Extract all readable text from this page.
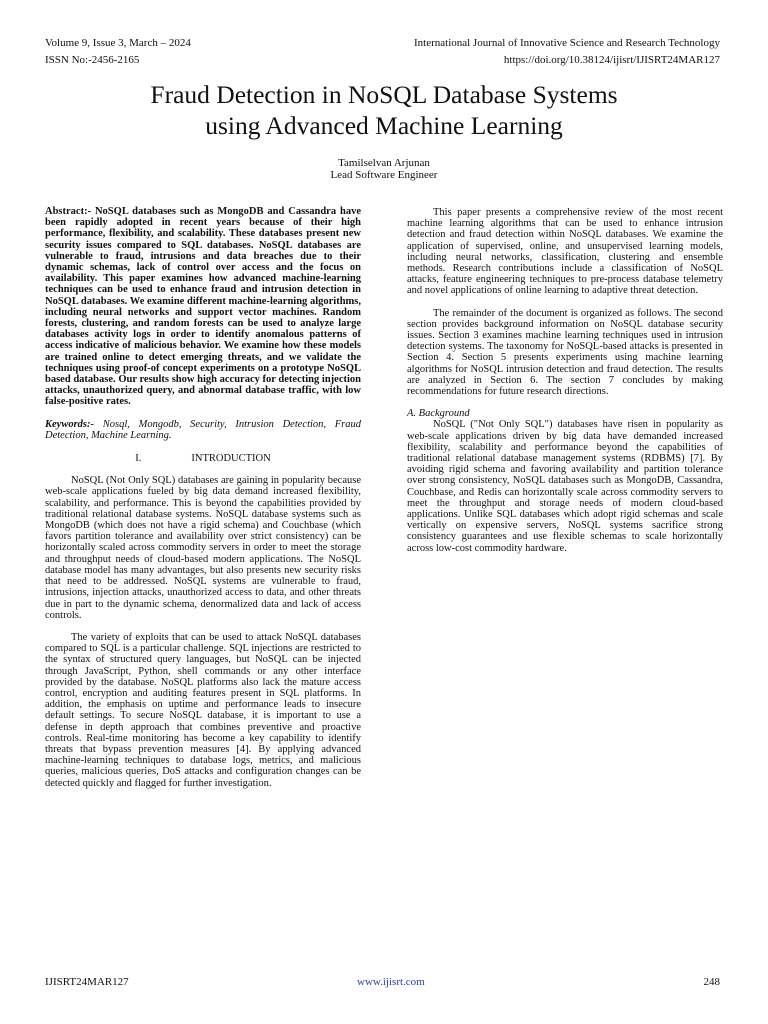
Volume 9, Issue 3, March – 2024	International Journal of Innovative Science and Research Technology
ISSN No:-2456-2165	https://doi.org/10.38124/ijisrt/IJISRT24MAR127
Fraud Detection in NoSQL Database Systems
using Advanced Machine Learning
Tamilselvan Arjunan
Lead Software Engineer

Abstract:- NoSQL databases such as MongoDB and Cassandra have been rapidly adopted in recent years because of their high performance, flexibility, and scalability. These databases present new security issues compared to SQL databases. NoSQL databases are vulnerable to fraud, intrusions and data breaches due to their dynamic schemas, lack of control over access and the focus on availability. This paper examines how advanced machine-learning techniques can be used to enhance fraud and intrusion detection in NoSQL databases. We examine different machine-learning algorithms, including neural networks and support vector machines. Random forests, clustering, and random forests can be used to analyze large databases activity logs in order to identify anomalous patterns of access indicative of malicious behavior. We examine how these models are trained online to detect emerging threats, and we validate the techniques using proof-of concept experiments on a prototype NoSQL based database. Our results show high accuracy for detecting injection attacks, unauthorized query, and abnormal database traffic, with low false-positive rates.

Keywords:- Nosql, Mongodb, Security, Intrusion Detection, Fraud Detection, Machine Learning.

I.	INTRODUCTION

NoSQL (Not Only SQL) databases are gaining in popularity because web-scale applications fueled by big data demand increased flexibility, scalability, and performance. This is beyond the capabilities provided by traditional relational database systems. NoSQL database systems such as MongoDB (which does not have a rigid schema) and Couchbase (which favors partition tolerance and availability over strict consistency) can be horizontally scaled across commodity servers in order to meet the storage and throughput needs of cloud-based modern applications. The NoSQL database model has many advantages, but also presents new security risks that need to be addressed. NoSQL systems are vulnerable to fraud, intrusions, injection attacks, unauthorized access to data, and other threats due in part to the dynamic schema, denormalized data and lack of access controls.

The variety of exploits that can be used to attack NoSQL databases compared to SQL is a particular challenge. SQL injections are restricted to the syntax of structured query languages, but NoSQL can be injected through JavaScript, Python, shell commands or any other interface provided by the database. NoSQL platforms also lack the mature access control, encryption and auditing features present in SQL platforms. In addition, the emphasis on uptime and performance leads to insecure default settings. To secure NoSQL database, it is important to use a defense in depth approach that combines preventive and proactive controls. Real-time monitoring has become a key capability to identify threats that bypass prevention measures [4]. By applying advanced machine-learning techniques to database logs, metrics, and malicious queries, malicious queries, DoS attacks and configuration changes can be detected quickly and flagged for further investigation.

This paper presents a comprehensive review of the most recent machine learning algorithms that can be used to enhance intrusion detection and fraud detection within NoSQL databases. We examine the application of supervised, online, and unsupervised learning models, including neural networks, classification, clustering and ensemble methods. Research contributions include a classification of NoSQL attacks, feature engineering techniques to pre-process database telemetry and novel applications of online learning to adaptive threat detection.

The remainder of the document is organized as follows. The second section provides background information on NoSQL database security issues. Section 3 examines machine learning techniques used in intrusion detection systems. The taxonomy for NoSQL-based attacks is presented in Section 4. Section 5 presents experiments using machine learning algorithms for NoSQL intrusion detection and fraud detection. The results are analyzed in Section 6. The section 7 concludes by making recommendations for future research directions.

A. Background

NoSQL ("Not Only SQL") databases have risen in popularity as web-scale applications driven by big data have demanded increased flexibility, scalability and performance beyond the capabilities of traditional relational database management systems (RDBMS) [7]. By avoiding rigid schema and favoring availability and partition tolerance over strong consistency, NoSQL databases such as MongoDB, Cassandra, Couchbase, and Redis can horizontally scale across commodity servers to meet the throughput and storage needs of modern cloud-based applications. Unlike SQL databases which adopt rigid schemas and scale vertically on expensive servers, NoSQL systems sacrifice strong consistency guarantees and use flexible schemas to scale horizontally across low-cost commodity hardware.

IJISRT24MAR127	www.ijisrt.com	248
